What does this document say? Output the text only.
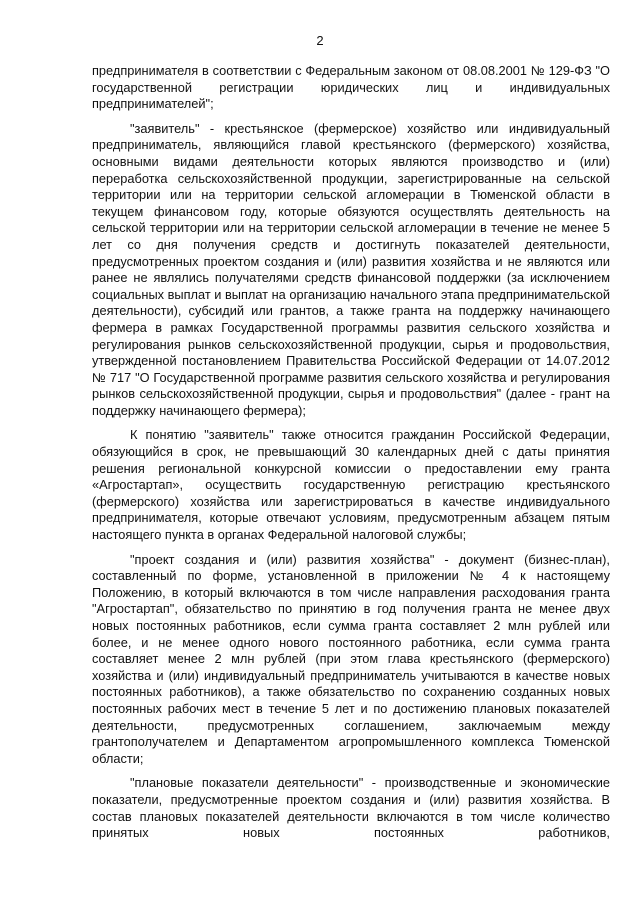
2

предпринимателя в соответствии с Федеральным законом от 08.08.2001 № 129-ФЗ "О государственной регистрации юридических лиц и индивидуальных предпринимателей";

"заявитель" - крестьянское (фермерское) хозяйство или индивидуальный предприниматель, являющийся главой крестьянского (фермерского) хозяйства, основными видами деятельности которых являются производство и (или) переработка сельскохозяйственной продукции, зарегистрированные на сельской территории или на территории сельской агломерации в Тюменской области в текущем финансовом году, которые обязуются осуществлять деятельность на сельской территории или на территории сельской агломерации в течение не менее 5 лет со дня получения средств и достигнуть показателей деятельности, предусмотренных проектом создания и (или) развития хозяйства и не являются или ранее не являлись получателями средств финансовой поддержки (за исключением социальных выплат и выплат на организацию начального этапа предпринимательской деятельности), субсидий или грантов, а также гранта на поддержку начинающего фермера в рамках Государственной программы развития сельского хозяйства и регулирования рынков сельскохозяйственной продукции, сырья и продовольствия, утвержденной постановлением Правительства Российской Федерации от 14.07.2012 № 717 "О Государственной программе развития сельского хозяйства и регулирования рынков сельскохозяйственной продукции, сырья и продовольствия" (далее - грант на поддержку начинающего фермера);

К понятию "заявитель" также относится гражданин Российской Федерации, обязующийся в срок, не превышающий 30 календарных дней с даты принятия решения региональной конкурсной комиссии о предоставлении ему гранта «Агростартап», осуществить государственную регистрацию крестьянского (фермерского) хозяйства или зарегистрироваться в качестве индивидуального предпринимателя, которые отвечают условиям, предусмотренным абзацем пятым настоящего пункта в органах Федеральной налоговой службы;

"проект создания и (или) развития хозяйства" - документ (бизнес-план), составленный по форме, установленной в приложении № 4 к настоящему Положению, в который включаются в том числе направления расходования гранта "Агростартап", обязательство по принятию в год получения гранта не менее двух новых постоянных работников, если сумма гранта составляет 2 млн рублей или более, и не менее одного нового постоянного работника, если сумма гранта составляет менее 2 млн рублей (при этом глава крестьянского (фермерского) хозяйства и (или) индивидуальный предприниматель учитываются в качестве новых постоянных работников), а также обязательство по сохранению созданных новых постоянных рабочих мест в течение 5 лет и по достижению плановых показателей деятельности, предусмотренных соглашением, заключаемым между грантополучателем и Департаментом агропромышленного комплекса Тюменской области;

"плановые показатели деятельности" - производственные и экономические показатели, предусмотренные проектом создания и (или) развития хозяйства. В состав плановых показателей деятельности включаются в том числе количество принятых новых постоянных работников,
